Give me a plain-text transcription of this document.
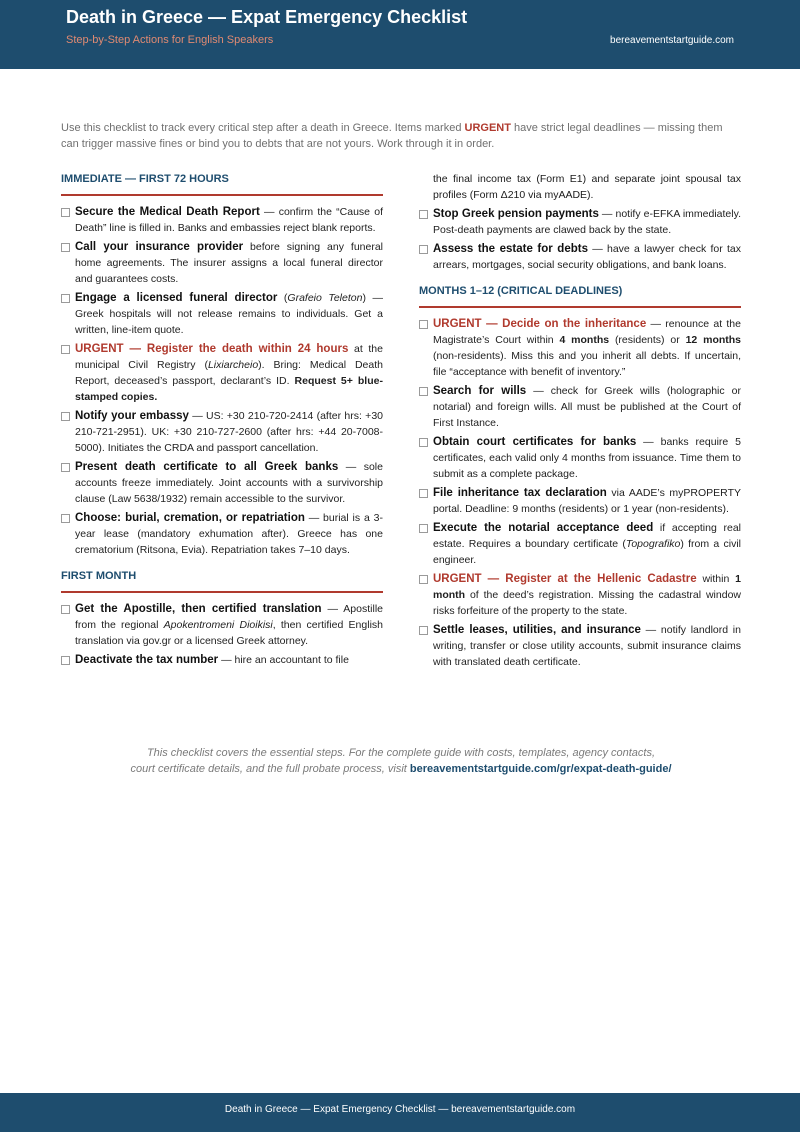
Death in Greece — Expat Emergency Checklist
Step-by-Step Actions for English Speakers	bereavementstartguide.com
Use this checklist to track every critical step after a death in Greece. Items marked URGENT have strict legal deadlines — missing them can trigger massive fines or bind you to debts that are not yours. Work through it in order.
IMMEDIATE — FIRST 72 HOURS
Secure the Medical Death Report — confirm the “Cause of Death” line is filled in. Banks and embassies reject blank reports.
Call your insurance provider before signing any funeral home agreements. The insurer assigns a local funeral director and guarantees costs.
Engage a licensed funeral director (Grafeio Teleton) — Greek hospitals will not release remains to individuals. Get a written, line-item quote.
URGENT — Register the death within 24 hours at the municipal Civil Registry (Lixiarcheio). Bring: Medical Death Report, deceased’s passport, declarant’s ID. Request 5+ blue-stamped copies.
Notify your embassy — US: +30 210-720-2414 (after hrs: +30 210-721-2951). UK: +30 210-727-2600 (after hrs: +44 20-7008-5000). Initiates the CRDA and passport cancellation.
Present death certificate to all Greek banks — sole accounts freeze immediately. Joint accounts with a survivorship clause (Law 5638/1932) remain accessible to the survivor.
Choose: burial, cremation, or repatriation — burial is a 3-year lease (mandatory exhumation after). Greece has one crematorium (Ritsona, Evia). Repatriation takes 7–10 days.
FIRST MONTH
Get the Apostille, then certified translation — Apostille from the regional Apokentromeni Dioikisi, then certified English translation via gov.gr or a licensed Greek attorney.
Deactivate the tax number — hire an accountant to file
the final income tax (Form E1) and separate joint spousal tax profiles (Form Δ210 via myAADE).
Stop Greek pension payments — notify e-EFKA immediately. Post-death payments are clawed back by the state.
Assess the estate for debts — have a lawyer check for tax arrears, mortgages, social security obligations, and bank loans.
MONTHS 1–12 (CRITICAL DEADLINES)
URGENT — Decide on the inheritance — renounce at the Magistrate’s Court within 4 months (residents) or 12 months (non-residents). Miss this and you inherit all debts. If uncertain, file “acceptance with benefit of inventory.”
Search for wills — check for Greek wills (holographic or notarial) and foreign wills. All must be published at the Court of First Instance.
Obtain court certificates for banks — banks require 5 certificates, each valid only 4 months from issuance. Time them to submit as a complete package.
File inheritance tax declaration via AADE’s myPROPERTY portal. Deadline: 9 months (residents) or 1 year (non-residents).
Execute the notarial acceptance deed if accepting real estate. Requires a boundary certificate (Topografiko) from a civil engineer.
URGENT — Register at the Hellenic Cadastre within 1 month of the deed’s registration. Missing the cadastral window risks forfeiture of the property to the state.
Settle leases, utilities, and insurance — notify landlord in writing, transfer or close utility accounts, submit insurance claims with translated death certificate.
This checklist covers the essential steps. For the complete guide with costs, templates, agency contacts,
court certificate details, and the full probate process, visit bereavementstartguide.com/gr/expat-death-guide/
Death in Greece — Expat Emergency Checklist — bereavementstartguide.com
